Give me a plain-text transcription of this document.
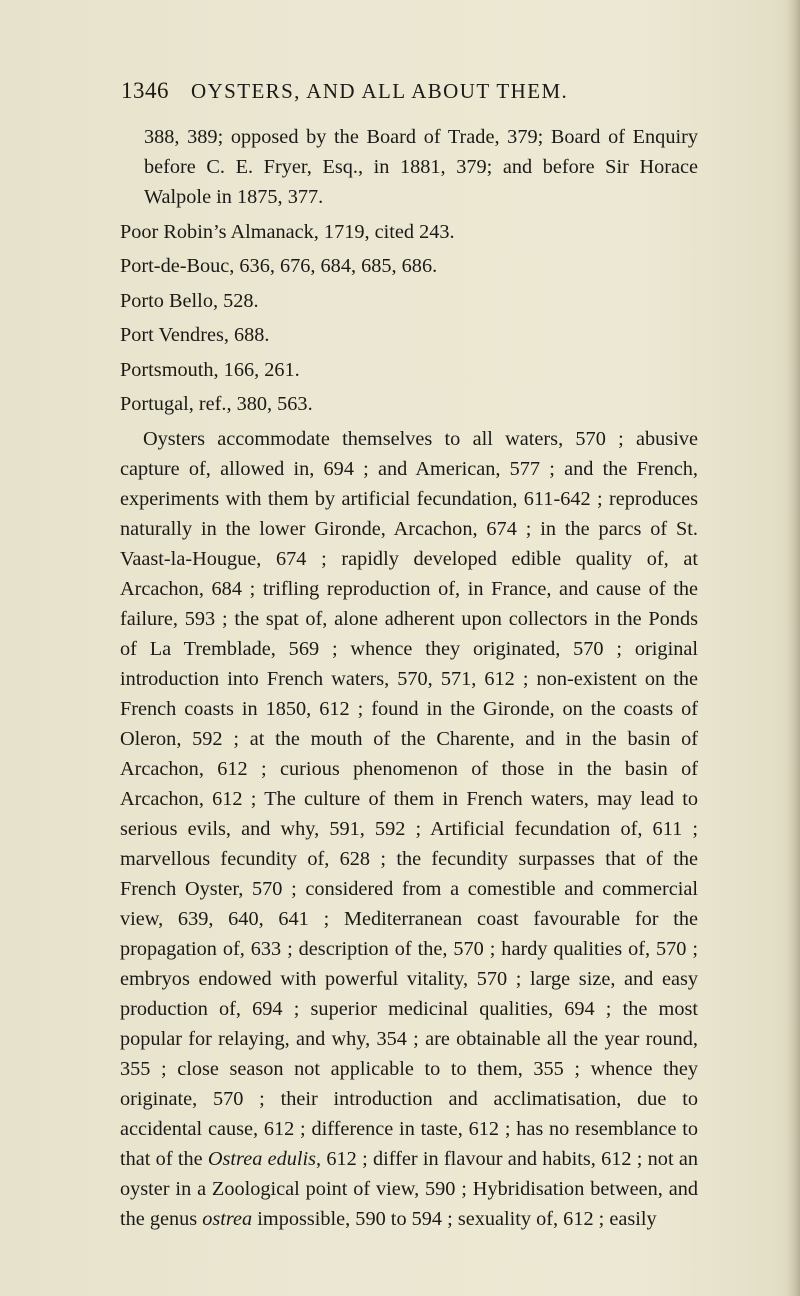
1346 OYSTERS, AND ALL ABOUT THEM.

388, 389; opposed by the Board of Trade, 379; Board of Enquiry before C. E. Fryer, Esq., in 1881, 379; and before Sir Horace Walpole in 1875, 377.

Poor Robin’s Almanack, 1719, cited 243.

Port-de-Bouc, 636, 676, 684, 685, 686.

Porto Bello, 528.

Port Vendres, 688.

Portsmouth, 166, 261.

Portugal, ref., 380, 563.

Oysters accommodate themselves to all waters, 570 ; abusive capture of, allowed in, 694 ; and American, 577 ; and the French, experiments with them by artificial fecundation, 611-642 ; reproduces naturally in the lower Gironde, Arcachon, 674 ; in the parcs of St. Vaast-la-Hougue, 674 ; rapidly developed edible quality of, at Arcachon, 684 ; trifling reproduction of, in France, and cause of the failure, 593 ; the spat of, alone adherent upon collectors in the Ponds of La Tremblade, 569 ; whence they originated, 570 ; original introduction into French waters, 570, 571, 612 ; non-existent on the French coasts in 1850, 612 ; found in the Gironde, on the coasts of Oleron, 592 ; at the mouth of the Charente, and in the basin of Arcachon, 612 ; curious phenomenon of those in the basin of Arcachon, 612 ; The culture of them in French waters, may lead to serious evils, and why, 591, 592 ; Artificial fecundation of, 611 ; marvellous fecundity of, 628 ; the fecundity surpasses that of the French Oyster, 570 ; considered from a comestible and commercial view, 639, 640, 641 ; Mediterranean coast favourable for the propagation of, 633 ; description of the, 570 ; hardy qualities of, 570 ; embryos endowed with powerful vitality, 570 ; large size, and easy production of, 694 ; superior medicinal qualities, 694 ; the most popular for relaying, and why, 354 ; are obtainable all the year round, 355 ; close season not applicable to to them, 355 ; whence they originate, 570 ; their introduction and acclimatisation, due to accidental cause, 612 ; difference in taste, 612 ; has no resemblance to that of the Ostrea edulis, 612 ; differ in flavour and habits, 612 ; not an oyster in a Zoological point of view, 590 ; Hybridisation between, and the genus ostrea impossible, 590 to 594 ; sexuality of, 612 ; easily
